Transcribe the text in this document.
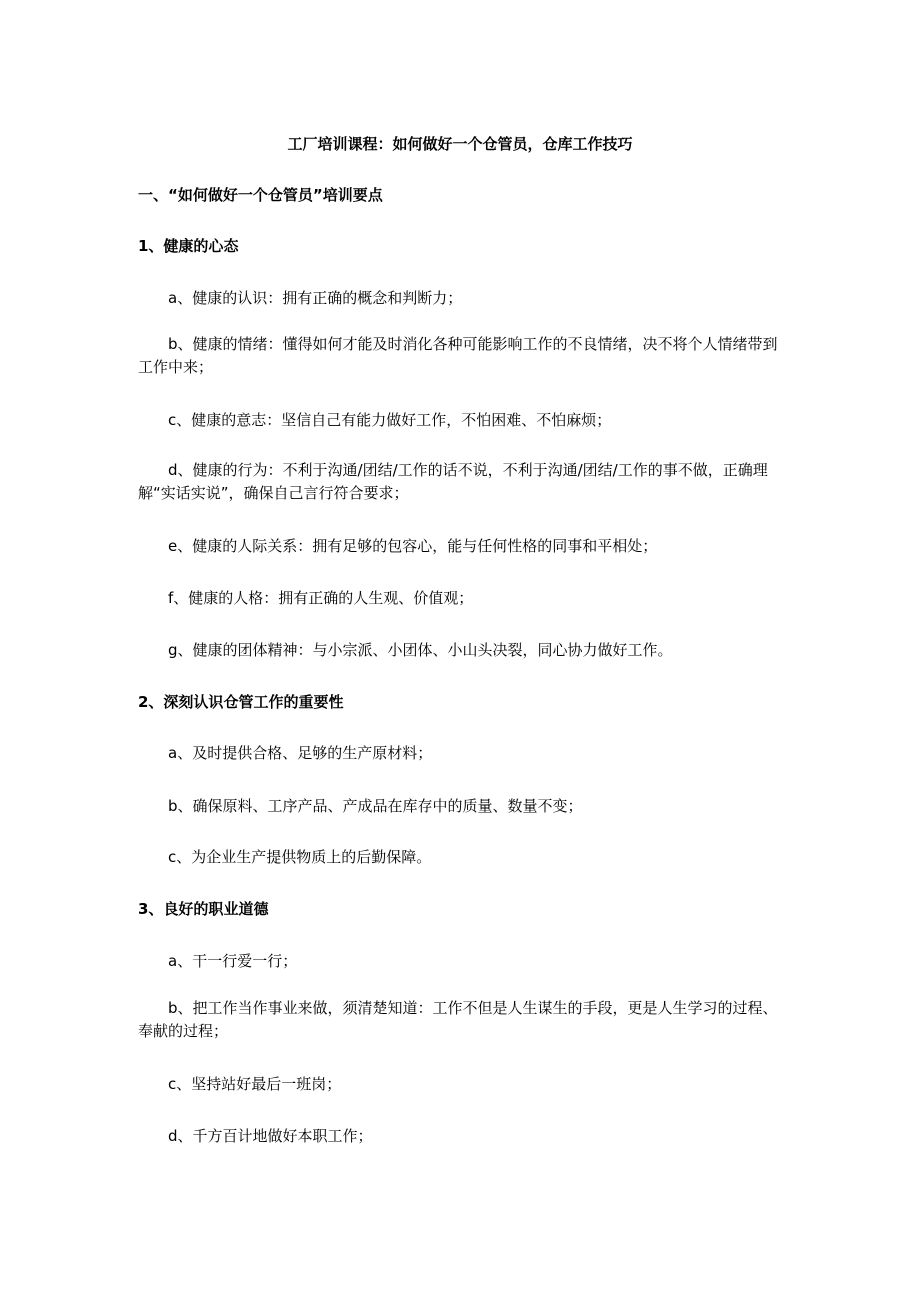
工厂培训课程：如何做好一个仓管员，仓库工作技巧
一、“如何做好一个仓管员”培训要点
1、健康的心态
a、健康的认识：拥有正确的概念和判断力；
b、健康的情绪：懂得如何才能及时消化各种可能影响工作的不良情绪，决不将个人情绪带到工作中来；
c、健康的意志：坚信自己有能力做好工作，不怕困难、不怕麻烦；
d、健康的行为：不利于沟通/团结/工作的话不说，不利于沟通/团结/工作的事不做，正确理解“实话实说”，确保自己言行符合要求；
e、健康的人际关系：拥有足够的包容心，能与任何性格的同事和平相处；
f、健康的人格：拥有正确的人生观、价值观；
g、健康的团体精神：与小宗派、小团体、小山头决裂，同心协力做好工作。
2、深刻认识仓管工作的重要性
a、及时提供合格、足够的生产原材料；
b、确保原料、工序产品、产成品在库存中的质量、数量不变；
c、为企业生产提供物质上的后勤保障。
3、良好的职业道德
a、干一行爱一行；
b、把工作当作事业来做，须清楚知道：工作不但是人生谋生的手段，更是人生学习的过程、奉献的过程；
c、坚持站好最后一班岗；
d、千方百计地做好本职工作；
